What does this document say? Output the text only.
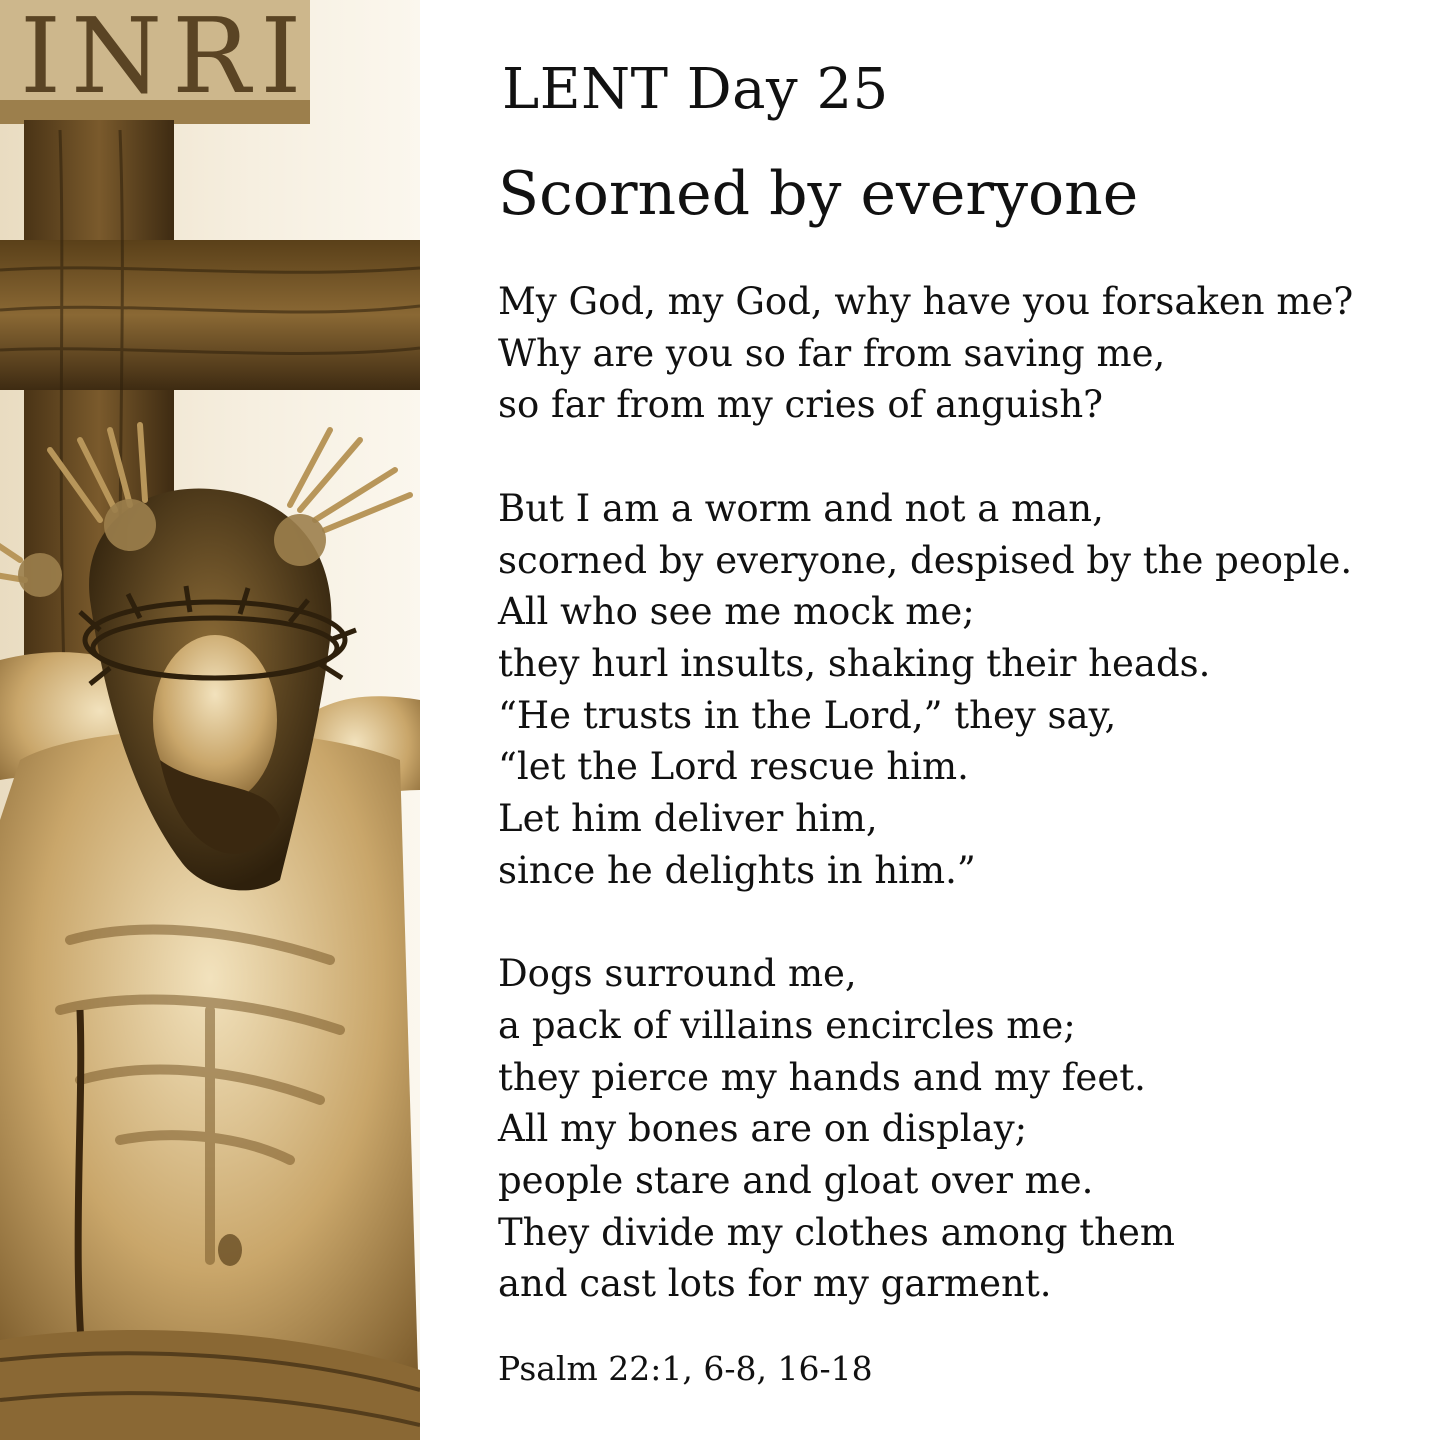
INRI	LENT Day 25
Scorned by everyone
My God, my God, why have you forsaken me?
Why are you so far from saving me,
so far from my cries of anguish?
But I am a worm and not a man,
scorned by everyone, despised by the people.
All who see me mock me;
they hurl insults, shaking their heads.
“He trusts in the Lord,” they say,
“let the Lord rescue him.
Let him deliver him,
since he delights in him.”
Dogs surround me,
a pack of villains encircles me;
they pierce my hands and my feet.
All my bones are on display;
people stare and gloat over me.
They divide my clothes among them
and cast lots for my garment.
Psalm 22:1, 6-8, 16-18
